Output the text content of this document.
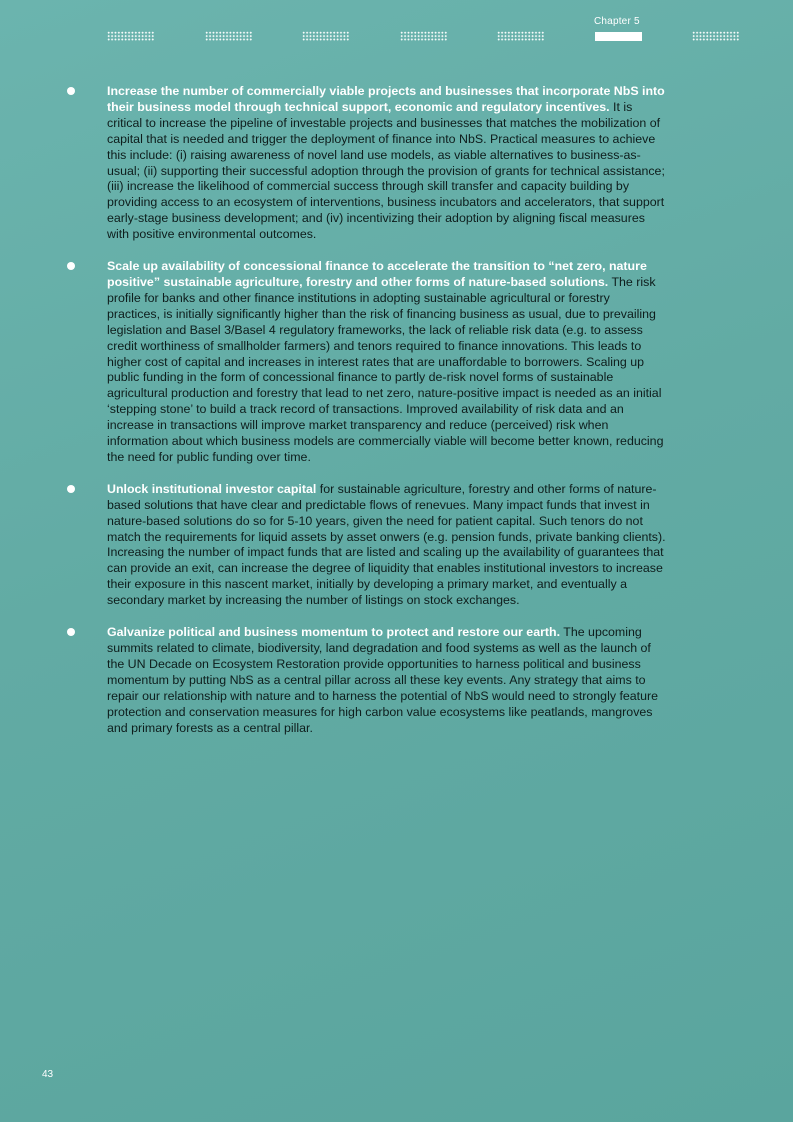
Chapter 5
Increase the number of commercially viable projects and businesses that incorporate NbS into their business model through technical support, economic and regulatory incentives. It is critical to increase the pipeline of investable projects and businesses that matches the mobilization of capital that is needed and trigger the deployment of finance into NbS. Practical measures to achieve this include: (i) raising awareness of novel land use models, as viable alternatives to business-as-usual; (ii) supporting their successful adoption through the provision of grants for technical assistance; (iii) increase the likelihood of commercial success through skill transfer and capacity building by providing access to an ecosystem of interventions, business incubators and accelerators, that support early-stage business development; and (iv) incentivizing their adoption by aligning fiscal measures with positive environmental outcomes.
Scale up availability of concessional finance to accelerate the transition to “net zero, nature positive” sustainable agriculture, forestry and other forms of nature-based solutions. The risk profile for banks and other finance institutions in adopting sustainable agricultural or forestry practices, is initially significantly higher than the risk of financing business as usual, due to prevailing legislation and Basel 3/Basel 4 regulatory frameworks, the lack of reliable risk data (e.g. to assess credit worthiness of smallholder farmers) and tenors required to finance innovations. This leads to higher cost of capital and increases in interest rates that are unaffordable to borrowers. Scaling up public funding in the form of concessional finance to partly de-risk novel forms of sustainable agricultural production and forestry that lead to net zero, nature-positive impact is needed as an initial ‘stepping stone’ to build a track record of transactions. Improved availability of risk data and an increase in transactions will improve market transparency and reduce (perceived) risk when information about which business models are commercially viable will become better known, reducing the need for public funding over time.
Unlock institutional investor capital for sustainable agriculture, forestry and other forms of nature-based solutions that have clear and predictable flows of renevues. Many impact funds that invest in nature-based solutions do so for 5-10 years, given the need for patient capital. Such tenors do not match the requirements for liquid assets by asset onwers (e.g. pension funds, private banking clients). Increasing the number of impact funds that are listed and scaling up the availability of guarantees that can provide an exit, can increase the degree of liquidity that enables institutional investors to increase their exposure in this nascent market, initially by developing a primary market, and eventually a secondary market by increasing the number of listings on stock exchanges.
Galvanize political and business momentum to protect and restore our earth. The upcoming summits related to climate, biodiversity, land degradation and food systems as well as the launch of the UN Decade on Ecosystem Restoration provide opportunities to harness political and business momentum by putting NbS as a central pillar across all these key events. Any strategy that aims to repair our relationship with nature and to harness the potential of NbS would need to strongly feature protection and conservation measures for high carbon value ecosystems like peatlands, mangroves and primary forests as a central pillar.
43
